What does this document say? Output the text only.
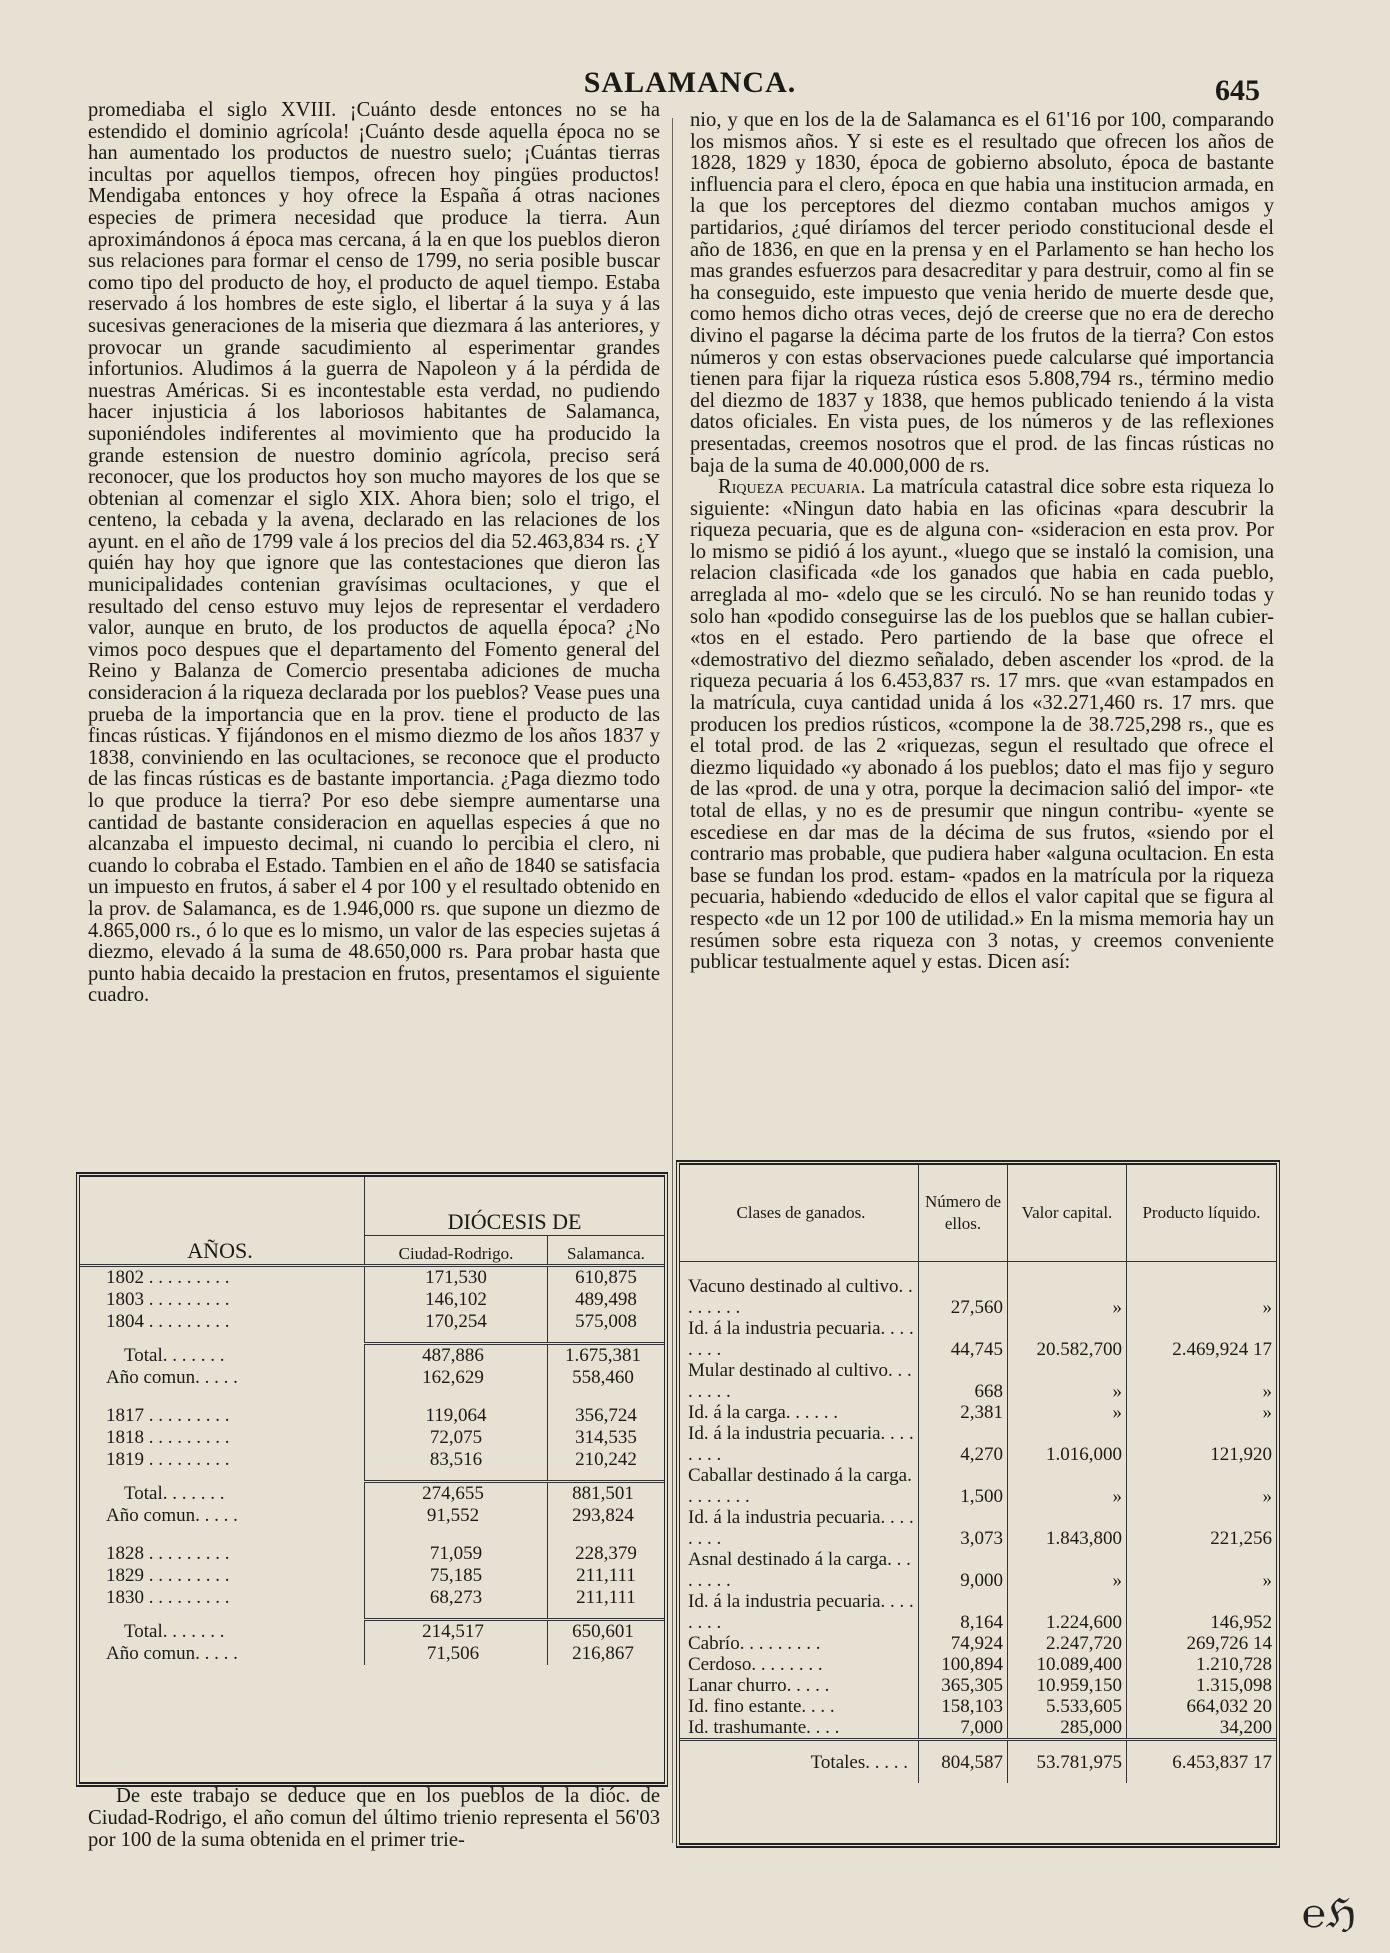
SALAMANCA.	645

promediaba el siglo XVIII. ¡Cuánto desde entonces no se ha estendido el dominio agrícola! ¡Cuánto desde aquella época no se han aumentado los productos de nuestro suelo; ¡Cuántas tierras incultas por aquellos tiempos, ofrecen hoy pingües productos! Mendigaba entonces y hoy ofrece la España á otras naciones especies de primera necesidad que produce la tierra. Aun aproximándonos á época mas cercana, á la en que los pueblos dieron sus relaciones para formar el censo de 1799, no seria posible buscar como tipo del producto de hoy, el producto de aquel tiempo. Estaba reservado á los hombres de este siglo, el libertar á la suya y á las sucesivas generaciones de la miseria que diezmara á las anteriores, y provocar un grande sacudimiento al esperimentar grandes infortunios. Aludimos á la guerra de Napoleon y á la pérdida de nuestras Américas. Si es incontestable esta verdad, no pudiendo hacer injusticia á los laboriosos habitantes de Salamanca, suponiéndoles indiferentes al movimiento que ha producido la grande estension de nuestro dominio agrícola, preciso será reconocer, que los productos hoy son mucho mayores de los que se obtenian al comenzar el siglo XIX. Ahora bien; solo el trigo, el centeno, la cebada y la avena, declarado en las relaciones de los ayunt. en el año de 1799 vale á los precios del dia 52.463,834 rs. ¿Y quién hay hoy que ignore que las contestaciones que dieron las municipalidades contenian gravísimas ocultaciones, y que el resultado del censo estuvo muy lejos de representar el verdadero valor, aunque en bruto, de los productos de aquella época? ¿No vimos poco despues que el departamento del Fomento general del Reino y Balanza de Comercio presentaba adiciones de mucha consideracion á la riqueza declarada por los pueblos? Vease pues una prueba de la importancia que en la prov. tiene el producto de las fincas rústicas. Y fijándonos en el mismo diezmo de los años 1837 y 1838, conviniendo en las ocultaciones, se reconoce que el producto de las fincas rústicas es de bastante importancia. ¿Paga diezmo todo lo que produce la tierra? Por eso debe siempre aumentarse una cantidad de bastante consideracion en aquellas especies á que no alcanzaba el impuesto decimal, ni cuando lo percibia el clero, ni cuando lo cobraba el Estado. Tambien en el año de 1840 se satisfacia un impuesto en frutos, á saber el 4 por 100 y el resultado obtenido en la prov. de Salamanca, es de 1.946,000 rs. que supone un diezmo de 4.865,000 rs., ó lo que es lo mismo, un valor de las especies sujetas á diezmo, elevado á la suma de 48.650,000 rs. Para probar hasta que punto habia decaido la prestacion en frutos, presentamos el siguiente cuadro.

nio, y que en los de la de Salamanca es el 61'16 por 100, comparando los mismos años. Y si este es el resultado que ofrecen los años de 1828, 1829 y 1830, época de gobierno absoluto, época de bastante influencia para el clero, época en que habia una institucion armada, en la que los perceptores del diezmo contaban muchos amigos y partidarios, ¿qué diríamos del tercer periodo constitucional desde el año de 1836, en que en la prensa y en el Parlamento se han hecho los mas grandes esfuerzos para desacreditar y para destruir, como al fin se ha conseguido, este impuesto que venia herido de muerte desde que, como hemos dicho otras veces, dejó de creerse que no era de derecho divino el pagarse la décima parte de los frutos de la tierra? Con estos números y con estas observaciones puede calcularse qué importancia tienen para fijar la riqueza rústica esos 5.808,794 rs., término medio del diezmo de 1837 y 1838, que hemos publicado teniendo á la vista datos oficiales. En vista pues, de los números y de las reflexiones presentadas, creemos nosotros que el prod. de las fincas rústicas no baja de la suma de 40.000,000 de rs.

Riqueza pecuaria. La matrícula catastral dice sobre esta riqueza lo siguiente: «Ningun dato habia en las oficinas «para descubrir la riqueza pecuaria, que es de alguna con- «sideracion en esta prov. Por lo mismo se pidió á los ayunt., «luego que se instaló la comision, una relacion clasificada «de los ganados que habia en cada pueblo, arreglada al mo- «delo que se les circuló. No se han reunido todas y solo han «podido conseguirse las de los pueblos que se hallan cubier- «tos en el estado. Pero partiendo de la base que ofrece el «demostrativo del diezmo señalado, deben ascender los «prod. de la riqueza pecuaria á los 6.453,837 rs. 17 mrs. que «van estampados en la matrícula, cuya cantidad unida á los «32.271,460 rs. 17 mrs. que producen los predios rústicos, «compone la de 38.725,298 rs., que es el total prod. de las 2 «riquezas, segun el resultado que ofrece el diezmo liquidado «y abonado á los pueblos; dato el mas fijo y seguro de las «prod. de una y otra, porque la decimacion salió del impor- «te total de ellas, y no es de presumir que ningun contribu- «yente se escediese en dar mas de la décima de sus frutos, «siendo por el contrario mas probable, que pudiera haber «alguna ocultacion. En esta base se fundan los prod. estam- «pados en la matrícula por la riqueza pecuaria, habiendo «deducido de ellos el valor capital que se figura al respecto «de un 12 por 100 de utilidad.» En la misma memoria hay un resúmen sobre esta riqueza con 3 notas, y creemos conveniente publicar testualmente aquel y estas. Dicen así:

AÑOS.	DIÓCESIS DE	
	Ciudad-Rodrigo.	Salamanca.
1802 . . . . . . . . .	171,530	610,875
1803 . . . . . . . . .	146,102	489,498
1804 . . . . . . . . .	170,254	575,008

Total. . . . . . .	487,886	1.675,381
Año comun. . . . .	162,629	558,460

1817 . . . . . . . . .	119,064	356,724
1818 . . . . . . . . .	72,075	314,535
1819 . . . . . . . . .	83,516	210,242

Total. . . . . . .	274,655	881,501
Año comun. . . . .	91,552	293,824

1828 . . . . . . . . .	71,059	228,379
1829 . . . . . . . . .	75,185	211,111
1830 . . . . . . . . .	68,273	211,111

Total. . . . . . .	214,517	650,601
Año comun. . . . .	71,506	216,867
Clases de ganados.	Número de ellos.	Valor capital.	Producto líquido.

Vacuno destinado al cultivo. . . . . . . .	27,560	»	»
Id. á la industria pecuaria. . . . . . . .	44,745	20.582,700	2.469,924 17
Mular destinado al cultivo. . . . . . . .	668	»	»
Id. á la carga. . . . . .	2,381	»	»
Id. á la industria pecuaria. . . . . . . .	4,270	1.016,000	121,920
Caballar destinado á la carga. . . . . . . .	1,500	»	»
Id. á la industria pecuaria. . . . . . . .	3,073	1.843,800	221,256
Asnal destinado á la carga. . . . . . . .	9,000	»	»
Id. á la industria pecuaria. . . . . . . .	8,164	1.224,600	146,952
Cabrío. . . . . . . . .	74,924	2.247,720	269,726 14
Cerdoso. . . . . . . .	100,894	10.089,400	1.210,728
Lanar churro. . . . .	365,305	10.959,150	1.315,098
Id. fino estante. . . .	158,103	5.533,605	664,032 20
Id. trashumante. . . .	7,000	285,000	34,200
Totales. . . . .	804,587	53.781,975	6.453,837 17

De este trabajo se deduce que en los pueblos de la dióc. de Ciudad-Rodrigo, el año comun del último trienio representa el 56'03 por 100 de la suma obtenida en el primer trie-

℮ℌ
